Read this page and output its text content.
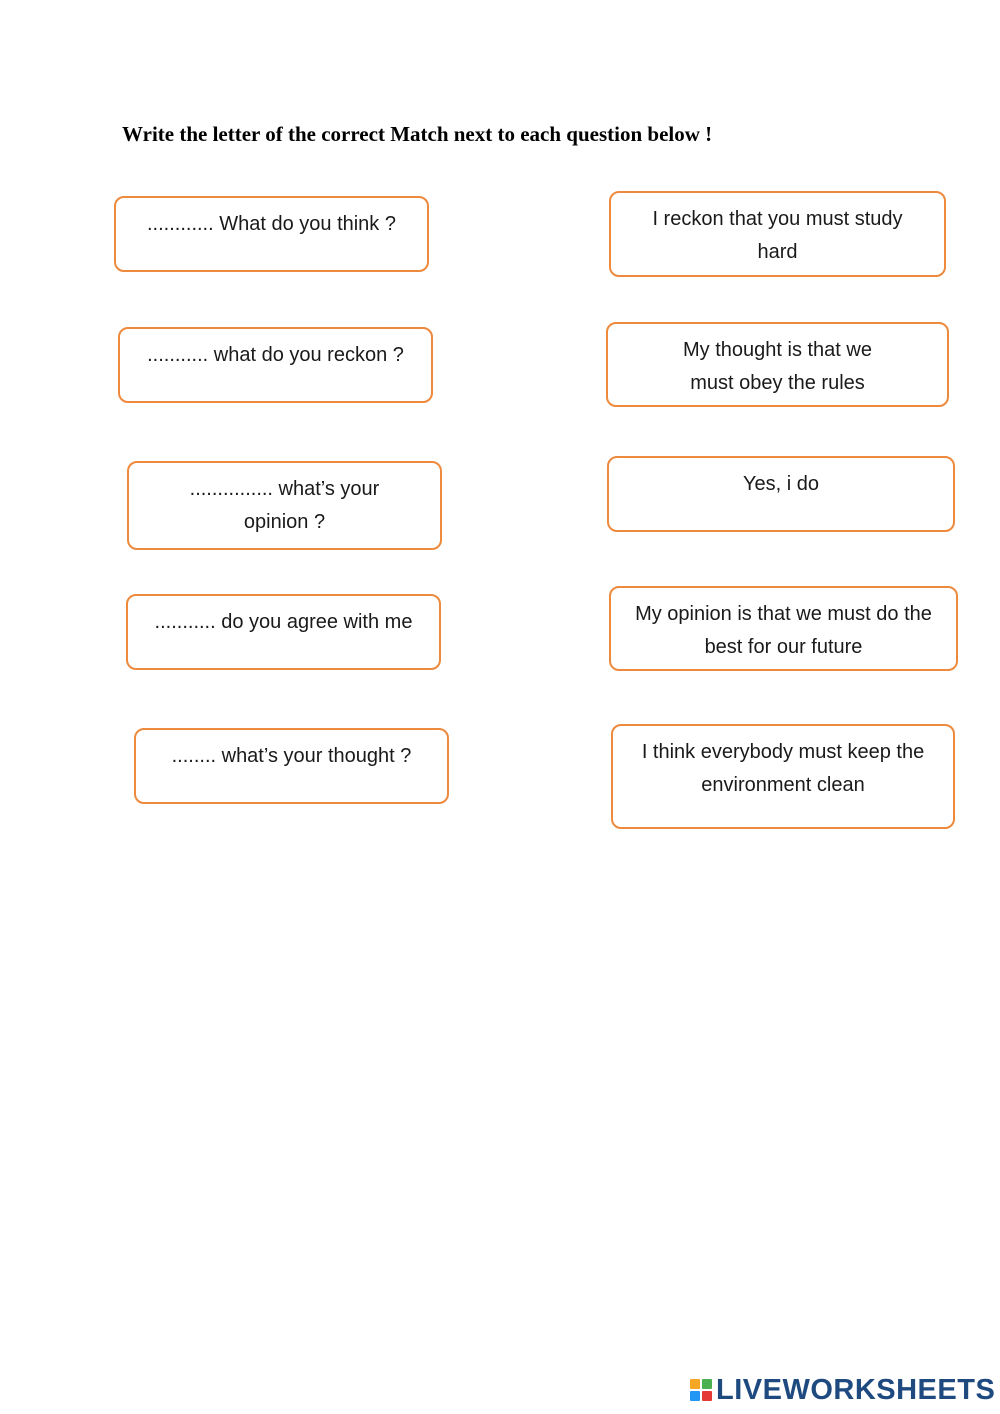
Write the letter of the correct Match next to each question below !
............ What do you think ?
........... what do you reckon ?
............... what’s your opinion ?
........... do you agree with me
........ what’s your thought ?
I reckon that you must study hard
My thought is that we must obey the rules
Yes, i do
My opinion is that we must do the best for our future
I think everybody must keep the environment clean
LIVEWORKSHEETS
